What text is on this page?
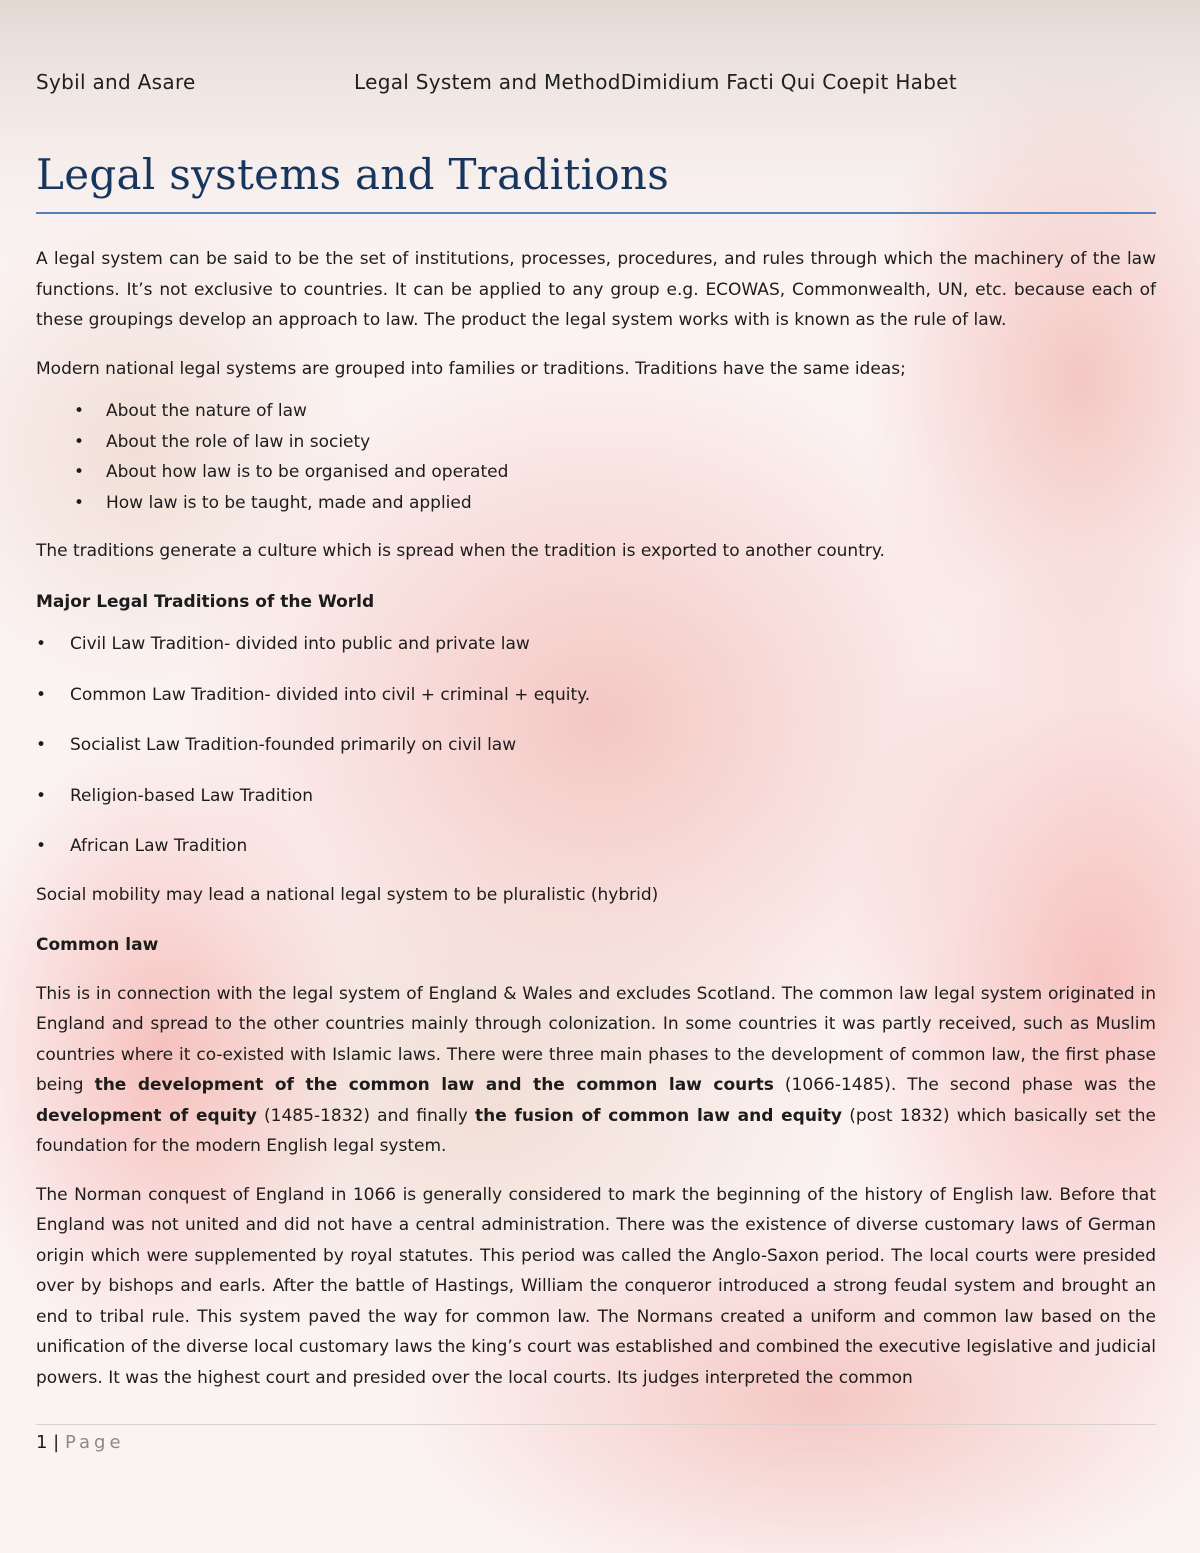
Sybil and Asare	Legal System and MethodDimidium Facti Qui Coepit Habet
Legal systems and Traditions

A legal system can be said to be the set of institutions, processes, procedures, and rules through which the machinery of the law functions. It’s not exclusive to countries. It can be applied to any group e.g. ECOWAS, Commonwealth, UN, etc. because each of these groupings develop an approach to law. The product the legal system works with is known as the rule of law.

Modern national legal systems are grouped into families or traditions. Traditions have the same ideas;

• About the nature of law
• About the role of law in society
• About how law is to be organised and operated
• How law is to be taught, made and applied

The traditions generate a culture which is spread when the tradition is exported to another country.

Major Legal Traditions of the World

• Civil Law Tradition- divided into public and private law
• Common Law Tradition- divided into civil + criminal + equity.
• Socialist Law Tradition-founded primarily on civil law
• Religion-based Law Tradition
• African Law Tradition

Social mobility may lead a national legal system to be pluralistic (hybrid)

Common law

This is in connection with the legal system of England & Wales and excludes Scotland. The common law legal system originated in England and spread to the other countries mainly through colonization. In some countries it was partly received, such as Muslim countries where it co-existed with Islamic laws. There were three main phases to the development of common law, the first phase being the development of the common law and the common law courts (1066-1485). The second phase was the development of equity (1485-1832) and finally the fusion of common law and equity (post 1832) which basically set the foundation for the modern English legal system.

The Norman conquest of England in 1066 is generally considered to mark the beginning of the history of English law. Before that England was not united and did not have a central administration. There was the existence of diverse customary laws of German origin which were supplemented by royal statutes. This period was called the Anglo-Saxon period. The local courts were presided over by bishops and earls. After the battle of Hastings, William the conqueror introduced a strong feudal system and brought an end to tribal rule. This system paved the way for common law. The Normans created a uniform and common law based on the unification of the diverse local customary laws the king’s court was established and combined the executive legislative and judicial powers. It was the highest court and presided over the local courts. Its judges interpreted the common

1 | Page
